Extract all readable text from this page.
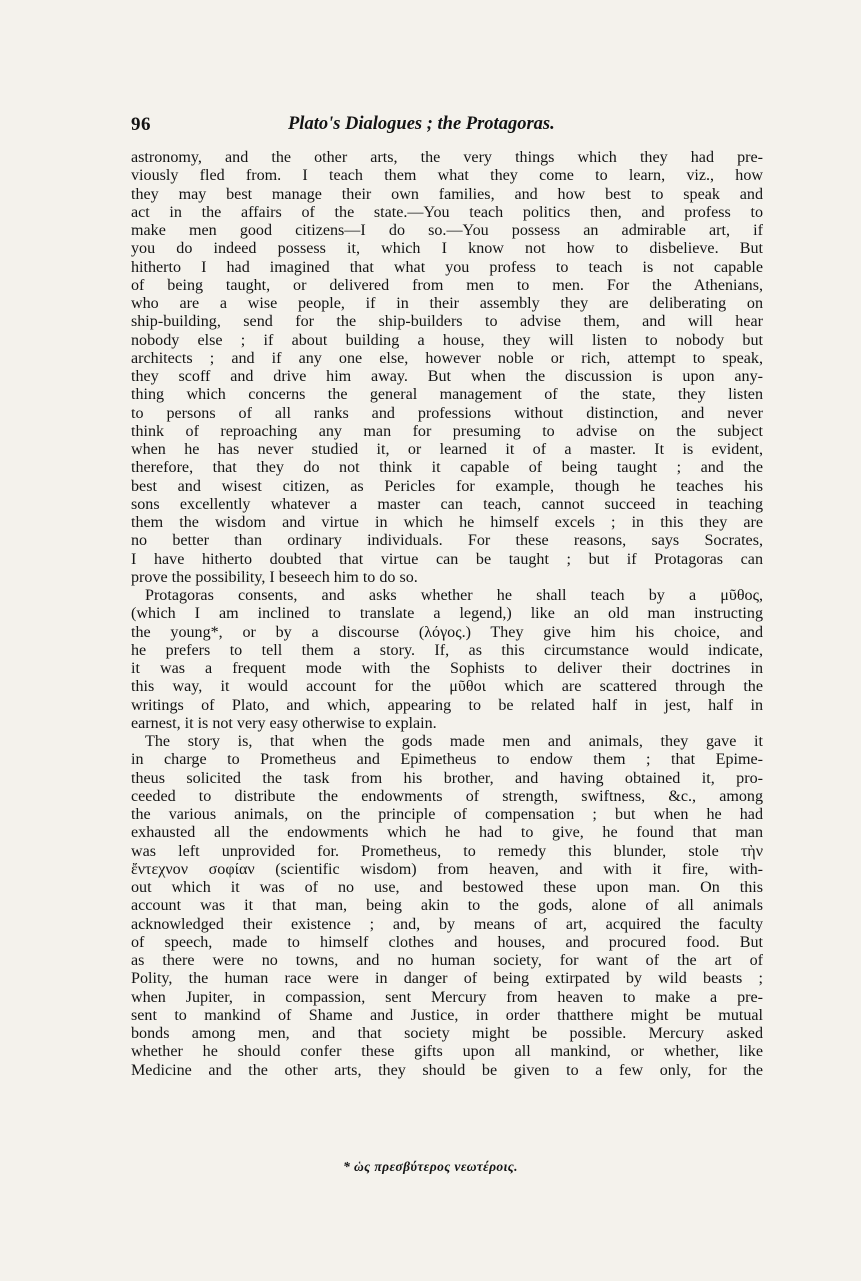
96	Plato's Dialogues ; the Protagoras.
astronomy, and the other arts, the very things which they had pre-
viously fled from. I teach them what they come to learn, viz., how
they may best manage their own families, and how best to speak and
act in the affairs of the state.—You teach politics then, and profess to
make men good citizens—I do so.—You possess an admirable art, if
you do indeed possess it, which I know not how to disbelieve. But
hitherto I had imagined that what you profess to teach is not capable
of being taught, or delivered from men to men. For the Athenians,
who are a wise people, if in their assembly they are deliberating on
ship-building, send for the ship-builders to advise them, and will hear
nobody else ; if about building a house, they will listen to nobody but
architects ; and if any one else, however noble or rich, attempt to speak,
they scoff and drive him away. But when the discussion is upon any-
thing which concerns the general management of the state, they listen
to persons of all ranks and professions without distinction, and never
think of reproaching any man for presuming to advise on the subject
when he has never studied it, or learned it of a master. It is evident,
therefore, that they do not think it capable of being taught ; and the
best and wisest citizen, as Pericles for example, though he teaches his
sons excellently whatever a master can teach, cannot succeed in teaching
them the wisdom and virtue in which he himself excels ; in this they are
no better than ordinary individuals. For these reasons, says Socrates,
I have hitherto doubted that virtue can be taught ; but if Protagoras can
prove the possibility, I beseech him to do so.
Protagoras consents, and asks whether he shall teach by a μῦθος,
(which I am inclined to translate a legend,) like an old man instructing
the young*, or by a discourse (λόγος.) They give him his choice, and
he prefers to tell them a story. If, as this circumstance would indicate,
it was a frequent mode with the Sophists to deliver their doctrines in
this way, it would account for the μῦθοι which are scattered through the
writings of Plato, and which, appearing to be related half in jest, half in
earnest, it is not very easy otherwise to explain.
The story is, that when the gods made men and animals, they gave it
in charge to Prometheus and Epimetheus to endow them ; that Epime-
theus solicited the task from his brother, and having obtained it, pro-
ceeded to distribute the endowments of strength, swiftness, &c., among
the various animals, on the principle of compensation ; but when he had
exhausted all the endowments which he had to give, he found that man
was left unprovided for. Prometheus, to remedy this blunder, stole τὴν
ἔντεχνον σοφίαν (scientific wisdom) from heaven, and with it fire, with-
out which it was of no use, and bestowed these upon man. On this
account was it that man, being akin to the gods, alone of all animals
acknowledged their existence ; and, by means of art, acquired the faculty
of speech, made to himself clothes and houses, and procured food. But
as there were no towns, and no human society, for want of the art of
Polity, the human race were in danger of being extirpated by wild beasts ;
when Jupiter, in compassion, sent Mercury from heaven to make a pre-
sent to mankind of Shame and Justice, in order thatthere might be mutual
bonds among men, and that society might be possible. Mercury asked
whether he should confer these gifts upon all mankind, or whether, like
Medicine and the other arts, they should be given to a few only, for the
* ὡς πρεσβύτερος νεωτέροις.
